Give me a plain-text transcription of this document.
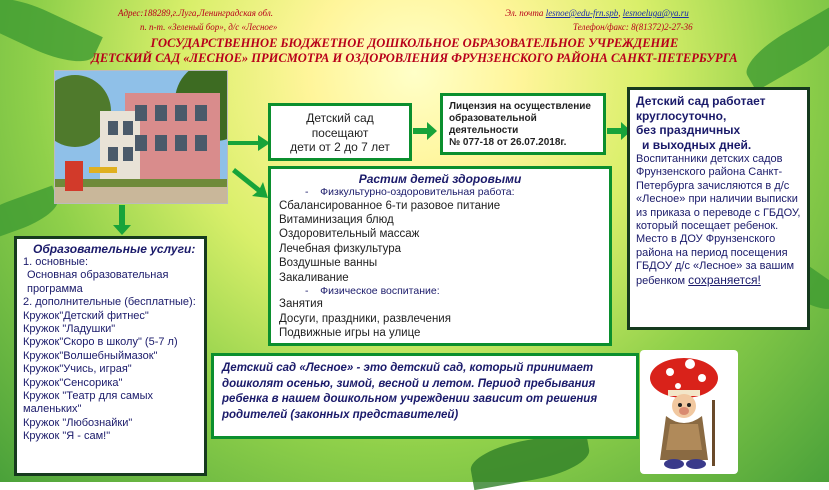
Адрес:188289,г.Луга,Ленинградская обл.
п. п-т. «Зеленый бор», д/с «Лесное»
Эл. почта lesnoe@edu-frn.spb, lesnoeluga@ya.ru
Телефон/факс: 8(81372)2-27-36
ГОСУДАРСТВЕННОЕ БЮДЖЕТНОЕ ДОШКОЛЬНОЕ ОБРАЗОВАТЕЛЬНОЕ УЧРЕЖДЕНИЕ
ДЕТСКИЙ САД «ЛЕСНОЕ» ПРИСМОТРА И ОЗДОРОВЛЕНИЯ ФРУНЗЕНСКОГО РАЙОНА САНКТ-ПЕТЕРБУРГА
Детский сад
посещают
дети от 2 до 7 лет
Лицензия на осуществление
образовательной
деятельности
№ 077-18 от 26.07.2018г.
Детский сад работает
круглосуточно,
без праздничных
и выходных дней.
Воспитанники детских садов Фрунзенского района Санкт-Петербурга зачисляются в д/с «Лесное» при наличии выписки из приказа о переводе с ГБДОУ, который посещает ребенок.
Место в ДОУ Фрунзенского района на период посещения ГБДОУ д/с «Лесное» за вашим ребенком сохраняется!
Растим детей здоровыми
-    Физкультурно-оздоровительная работа:
Сбалансированное 6-ти разовое питание
Витаминизация блюд
Оздоровительный массаж
Лечебная физкультура
Воздушные ванны
Закаливание
-    Физическое воспитание:
Занятия
Досуги, праздники, развлечения
Подвижные игры на улице
Образовательные услуги:
1. основные:
Основная образовательная программа
2. дополнительные (бесплатные):
Кружок"Детский фитнес"
Кружок "Ладушки"
Кружок"Скоро в школу" (5-7 л)
Кружок"Волшебныймазок"
Кружок"Учись, играя"
Кружок"Сенсорика"
Кружок "Театр для самых маленьких"
Кружок "Любознайки"
Кружок "Я - сам!"
Детский сад «Лесное» - это детский сад, который принимает дошколят осенью, зимой, весной и летом. Период пребывания ребенка в нашем дошкольном учреждении зависит от решения родителей (законных представителей)
